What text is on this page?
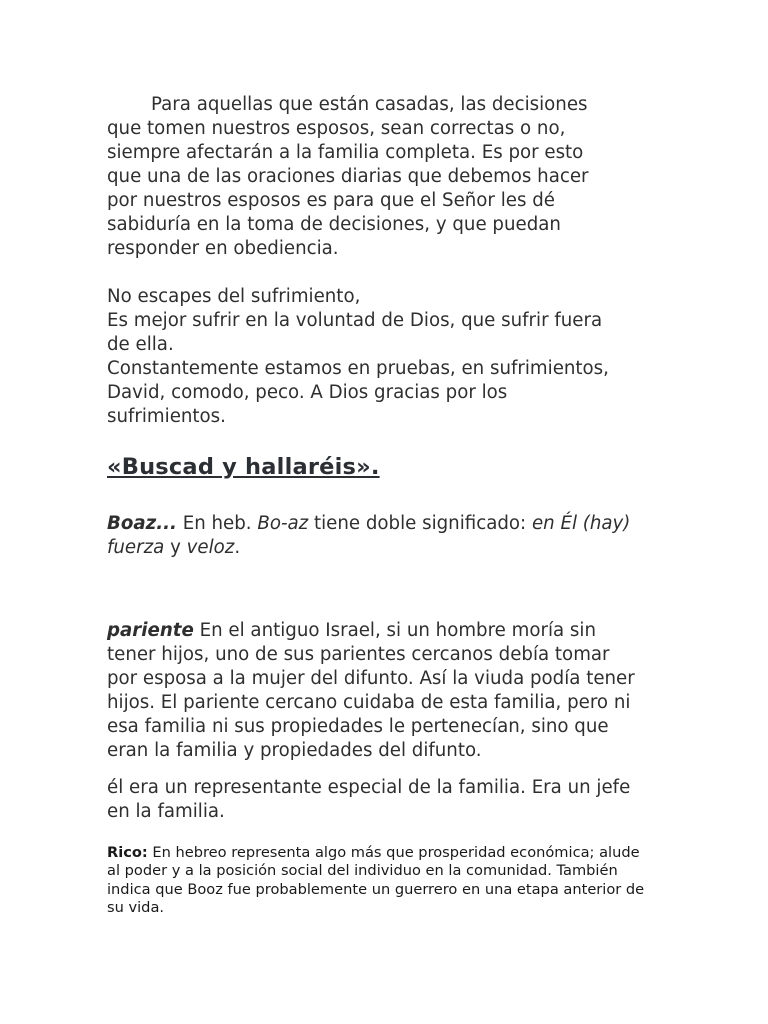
Para aquellas que están casadas, las decisiones
que tomen nuestros esposos, sean correctas o no,
siempre afectarán a la familia completa. Es por esto
que una de las oraciones diarias que debemos hacer
por nuestros esposos es para que el Señor les dé
sabiduría en la toma de decisiones, y que puedan
responder en obediencia.
No escapes del sufrimiento,
Es mejor sufrir en la voluntad de Dios, que sufrir fuera
de ella.
Constantemente estamos en pruebas, en sufrimientos,
David, comodo, peco. A Dios gracias por los
sufrimientos.
«Buscad y hallaréis».
Boaz... En heb. Bo-az tiene doble significado: en Él (hay)
fuerza y veloz.
pariente En el antiguo Israel, si un hombre moría sin
tener hijos, uno de sus parientes cercanos debía tomar
por esposa a la mujer del difunto. Así la viuda podía tener
hijos. El pariente cercano cuidaba de esta familia, pero ni
esa familia ni sus propiedades le pertenecían, sino que
eran la familia y propiedades del difunto.
él era un representante especial de la familia. Era un jefe
en la familia.
Rico: En hebreo representa algo más que prosperidad económica; alude
al poder y a la posición social del individuo en la comunidad. También
indica que Booz fue probablemente un guerrero en una etapa anterior de
su vida.
